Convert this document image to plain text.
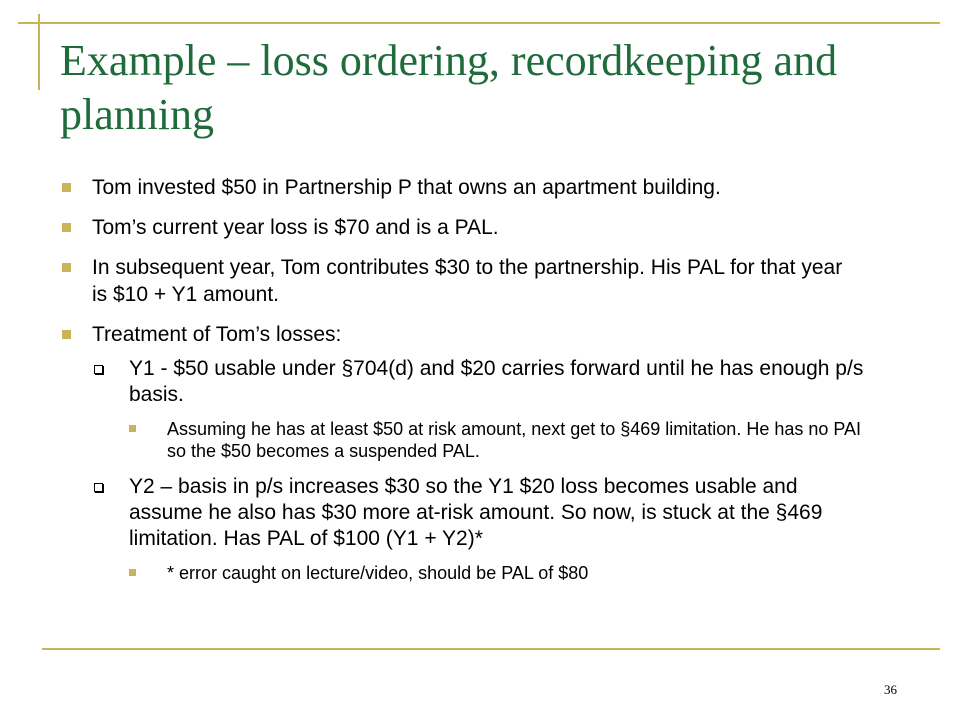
Example – loss ordering, recordkeeping and planning
Tom invested $50 in Partnership P that owns an apartment building.
Tom’s current year loss is $70 and is a PAL.
In subsequent year, Tom contributes $30 to the partnership. His PAL for that year is $10 + Y1 amount.
Treatment of Tom’s losses:
Y1 - $50 usable under §704(d) and $20 carries forward until he has enough p/s basis.
Assuming he has at least $50 at risk amount, next get to §469 limitation. He has no PAI so the $50 becomes a suspended PAL.
Y2 – basis in p/s increases $30 so the Y1 $20 loss becomes usable and assume he also has $30 more at-risk amount. So now, is stuck at the §469 limitation. Has PAL of $100 (Y1 + Y2)*
* error caught on lecture/video, should be PAL of $80
36
